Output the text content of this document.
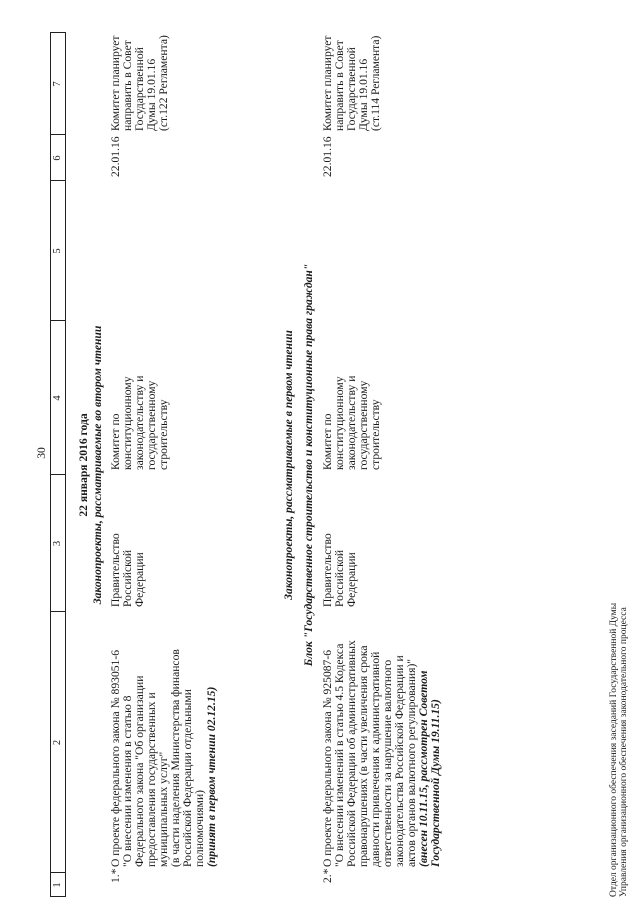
30
1
2
3
4
5
6
7
22 января 2016 года Законопроекты, рассматриваемые во втором чтении
1.*
О проекте федерального закона № 893051-6 "О внесении изменения в статью 8 Федерального закона "Об организации предоставления государственных и муниципальных услуг" (в части наделения Министерства финансов Российской Федерации отдельными полномочиями) (принят в первом чтении 02.12.15)
Правительство Российской Федерации
Комитет по конституционному законодательству и государственному строительству
22.01.16
Комитет планирует направить в Совет Государственной Думы 19.01.16 (ст.122 Регламента)
Законопроекты, рассматриваемые в первом чтении Блок "Государственное строительство и конституционные права граждан"
2.*
О проекте федерального закона № 925087-6 "О внесении изменений в статью 4.5 Кодекса Российской Федерации об административных правонарушениях (в части увеличения срока давности привлечения к административной ответственности за нарушение валютного законодательства Российской Федерации и актов органов валютного регулирования)" (внесен 10.11.15, рассмотрен Советом Государственной Думы 19.11.15)
Правительство Российской Федерации
Комитет по конституционному законодательству и государственному строительству
22.01.16
Комитет планирует направить в Совет Государственной Думы 19.01.16 (ст.114 Регламента)
Отдел организационного обеспечения заседаний Государственной Думы Управления организационного обеспечения законодательного процесса
